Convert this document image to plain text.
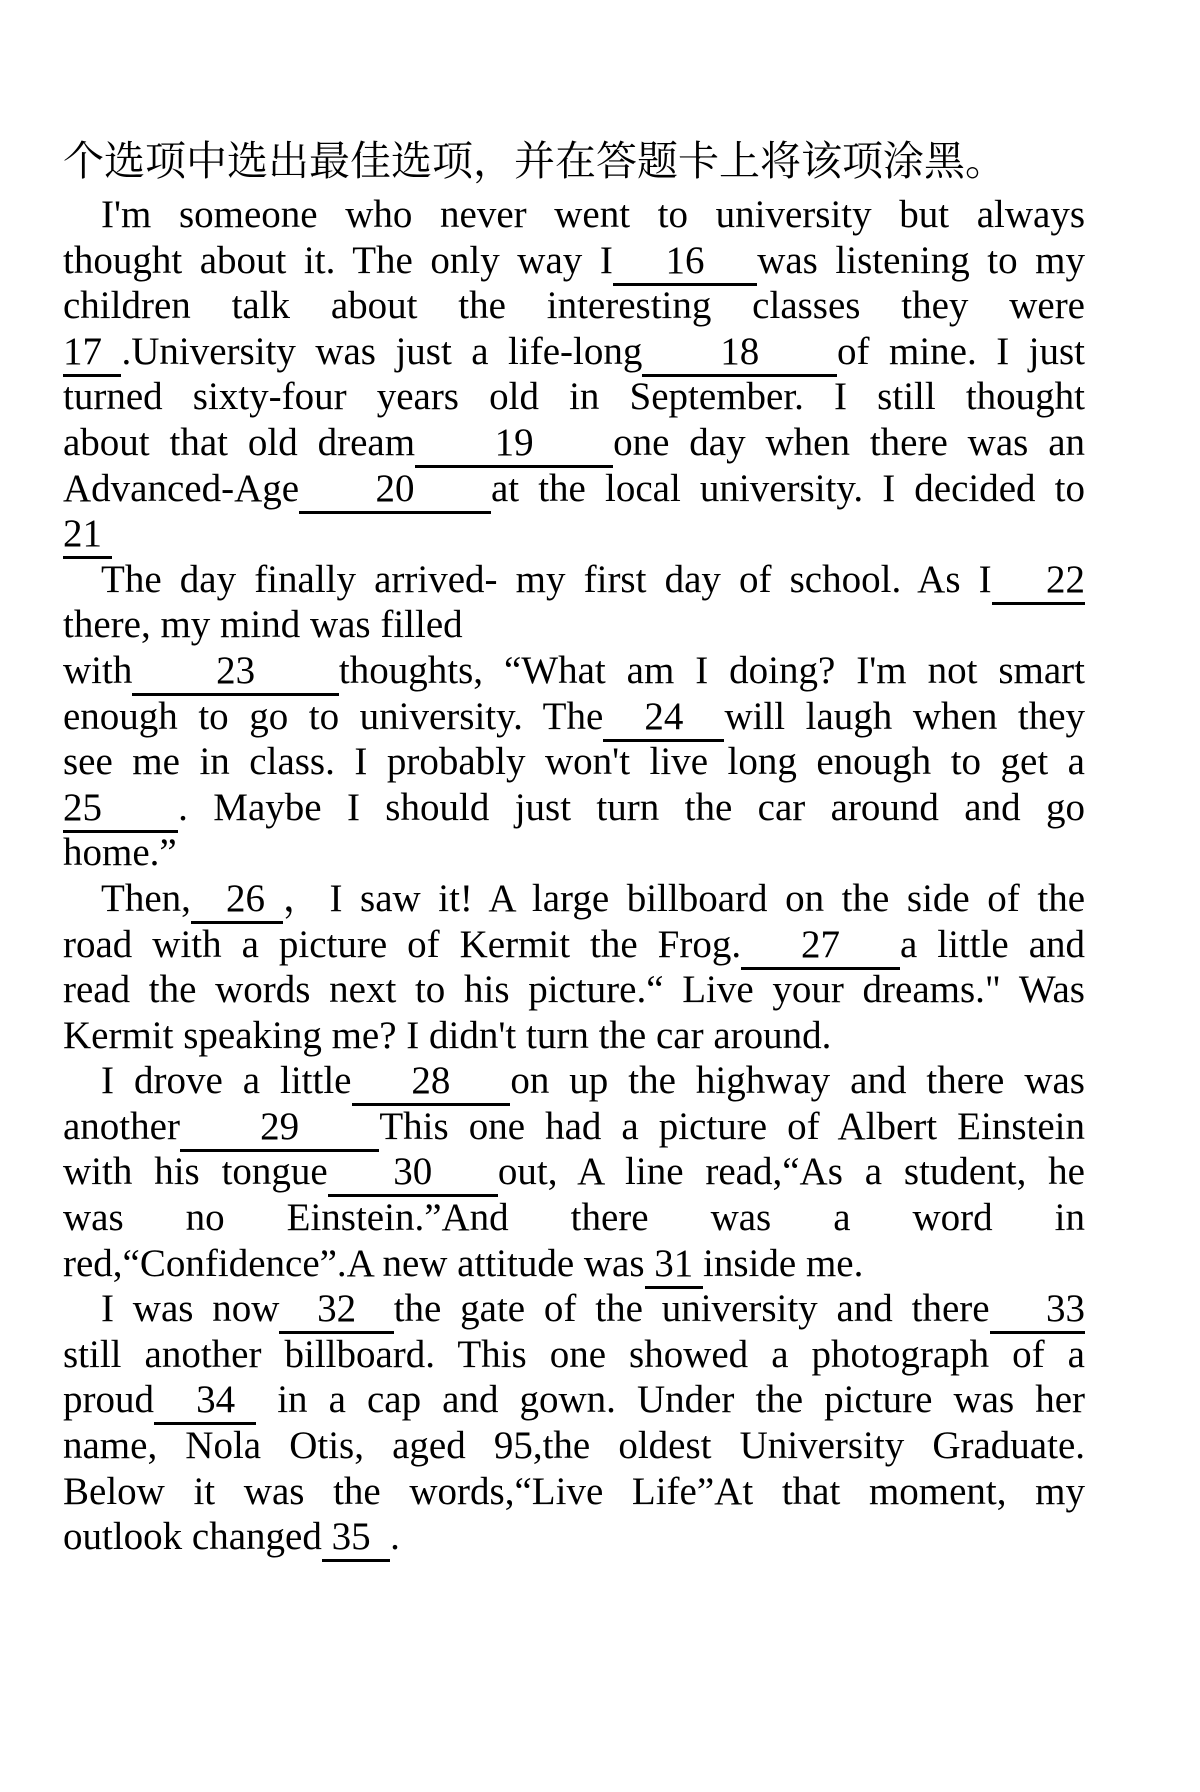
个选项中选出最佳选项，并在答题卡上将该项涂黑。
I'm someone who never went to university but always
thought about it. The only way I   16   was listening to my
children talk about the interesting classes they were
17 .University was just a life-long    18    of mine. I just
turned sixty-four years old in September. I still thought
about that old dream    19    one day when there was an
Advanced-Age    20    at the local university. I decided to
21
The day finally arrived- my first day of school. As I   22
there, my mind was filled
with    23    thoughts, “What am I doing? I'm not smart
enough to go to university. The  24  will laugh when they
see me in class. I probably won't live long enough to get a
25   . Maybe I should just turn the car around and go
home.”
Then,  26 ，I saw it! A large billboard on the side of the
road with a picture of Kermit the Frog.   27   a little and
read the words next to his picture.“ Live your dreams." Was
Kermit speaking me? I didn't turn the car around.
I drove a little   28   on up the highway and there was
another    29    This one had a picture of Albert Einstein
with his tongue   30   out, A line read,“As a student, he
was no Einstein.”And there was a word in
red,“Confidence”.A new attitude was 31 inside me.
I was now  32  the gate of the university and there   33
still another billboard. This one showed a photograph of a
proud  34  in a cap and gown. Under the picture was her
name, Nola Otis, aged 95,the oldest University Graduate.
Below it was the words,“Live Life”At that moment, my
outlook changed 35  .
